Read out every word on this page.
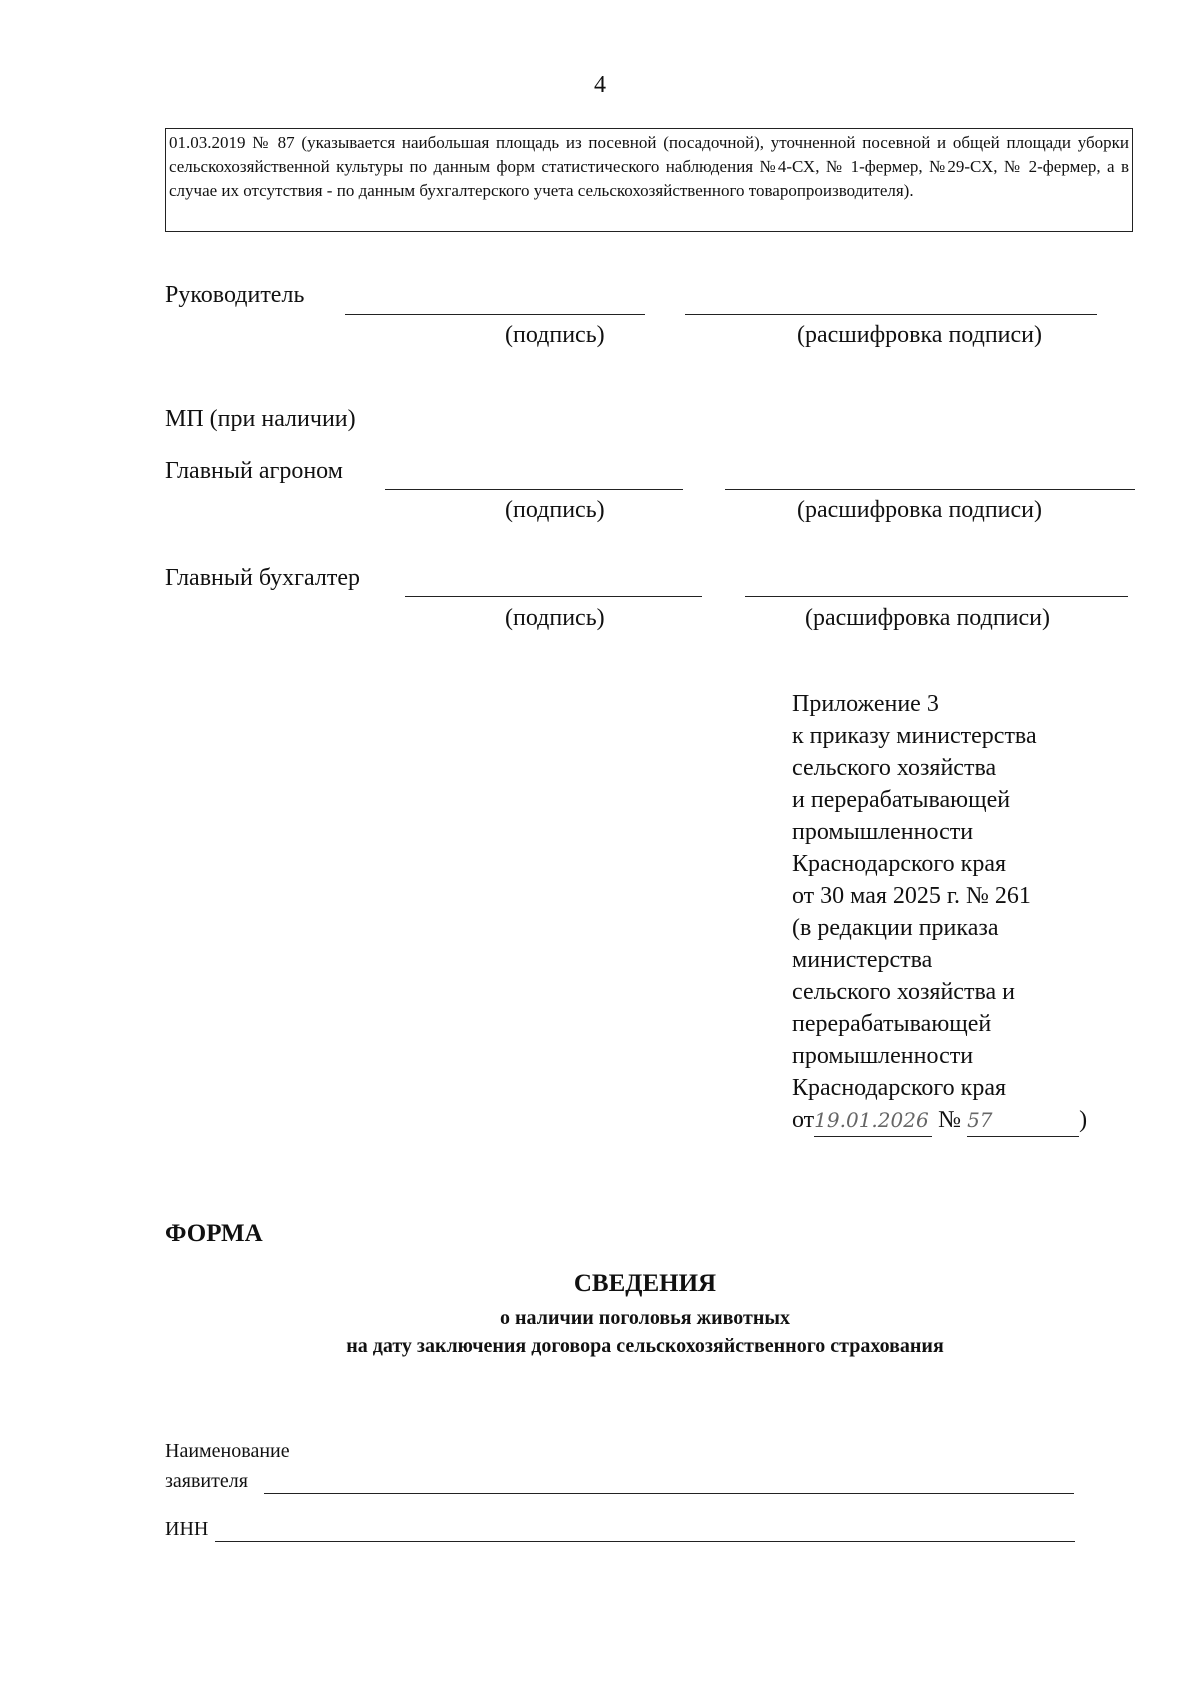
4
01.03.2019 № 87 (указывается наибольшая площадь из посевной (посадочной), уточненной посевной и общей площади уборки сельскохозяйственной культуры по данным форм статистического наблюдения №4-СХ, № 1-фермер, №29-СХ, № 2-фермер, а в случае их отсутствия - по данным бухгалтерского учета сельскохозяйственного товаропроизводителя).
Руководитель
(подпись)	(расшифровка подписи)
МП (при наличии)
Главный агроном
(подпись)	(расшифровка подписи)
Главный бухгалтер
(подпись)	(расшифровка подписи)
Приложение 3
к приказу министерства
сельского хозяйства
и перерабатывающей
промышленности
Краснодарского края
от 30 мая 2025 г. № 261
(в редакции приказа
министерства
сельского хозяйства и
перерабатывающей
промышленности
Краснодарского края
от19.01.2026 № 57	)
ФОРМА
СВЕДЕНИЯ
о наличии поголовья животных
на дату заключения договора сельскохозяйственного страхования
Наименование
заявителя
ИНН
